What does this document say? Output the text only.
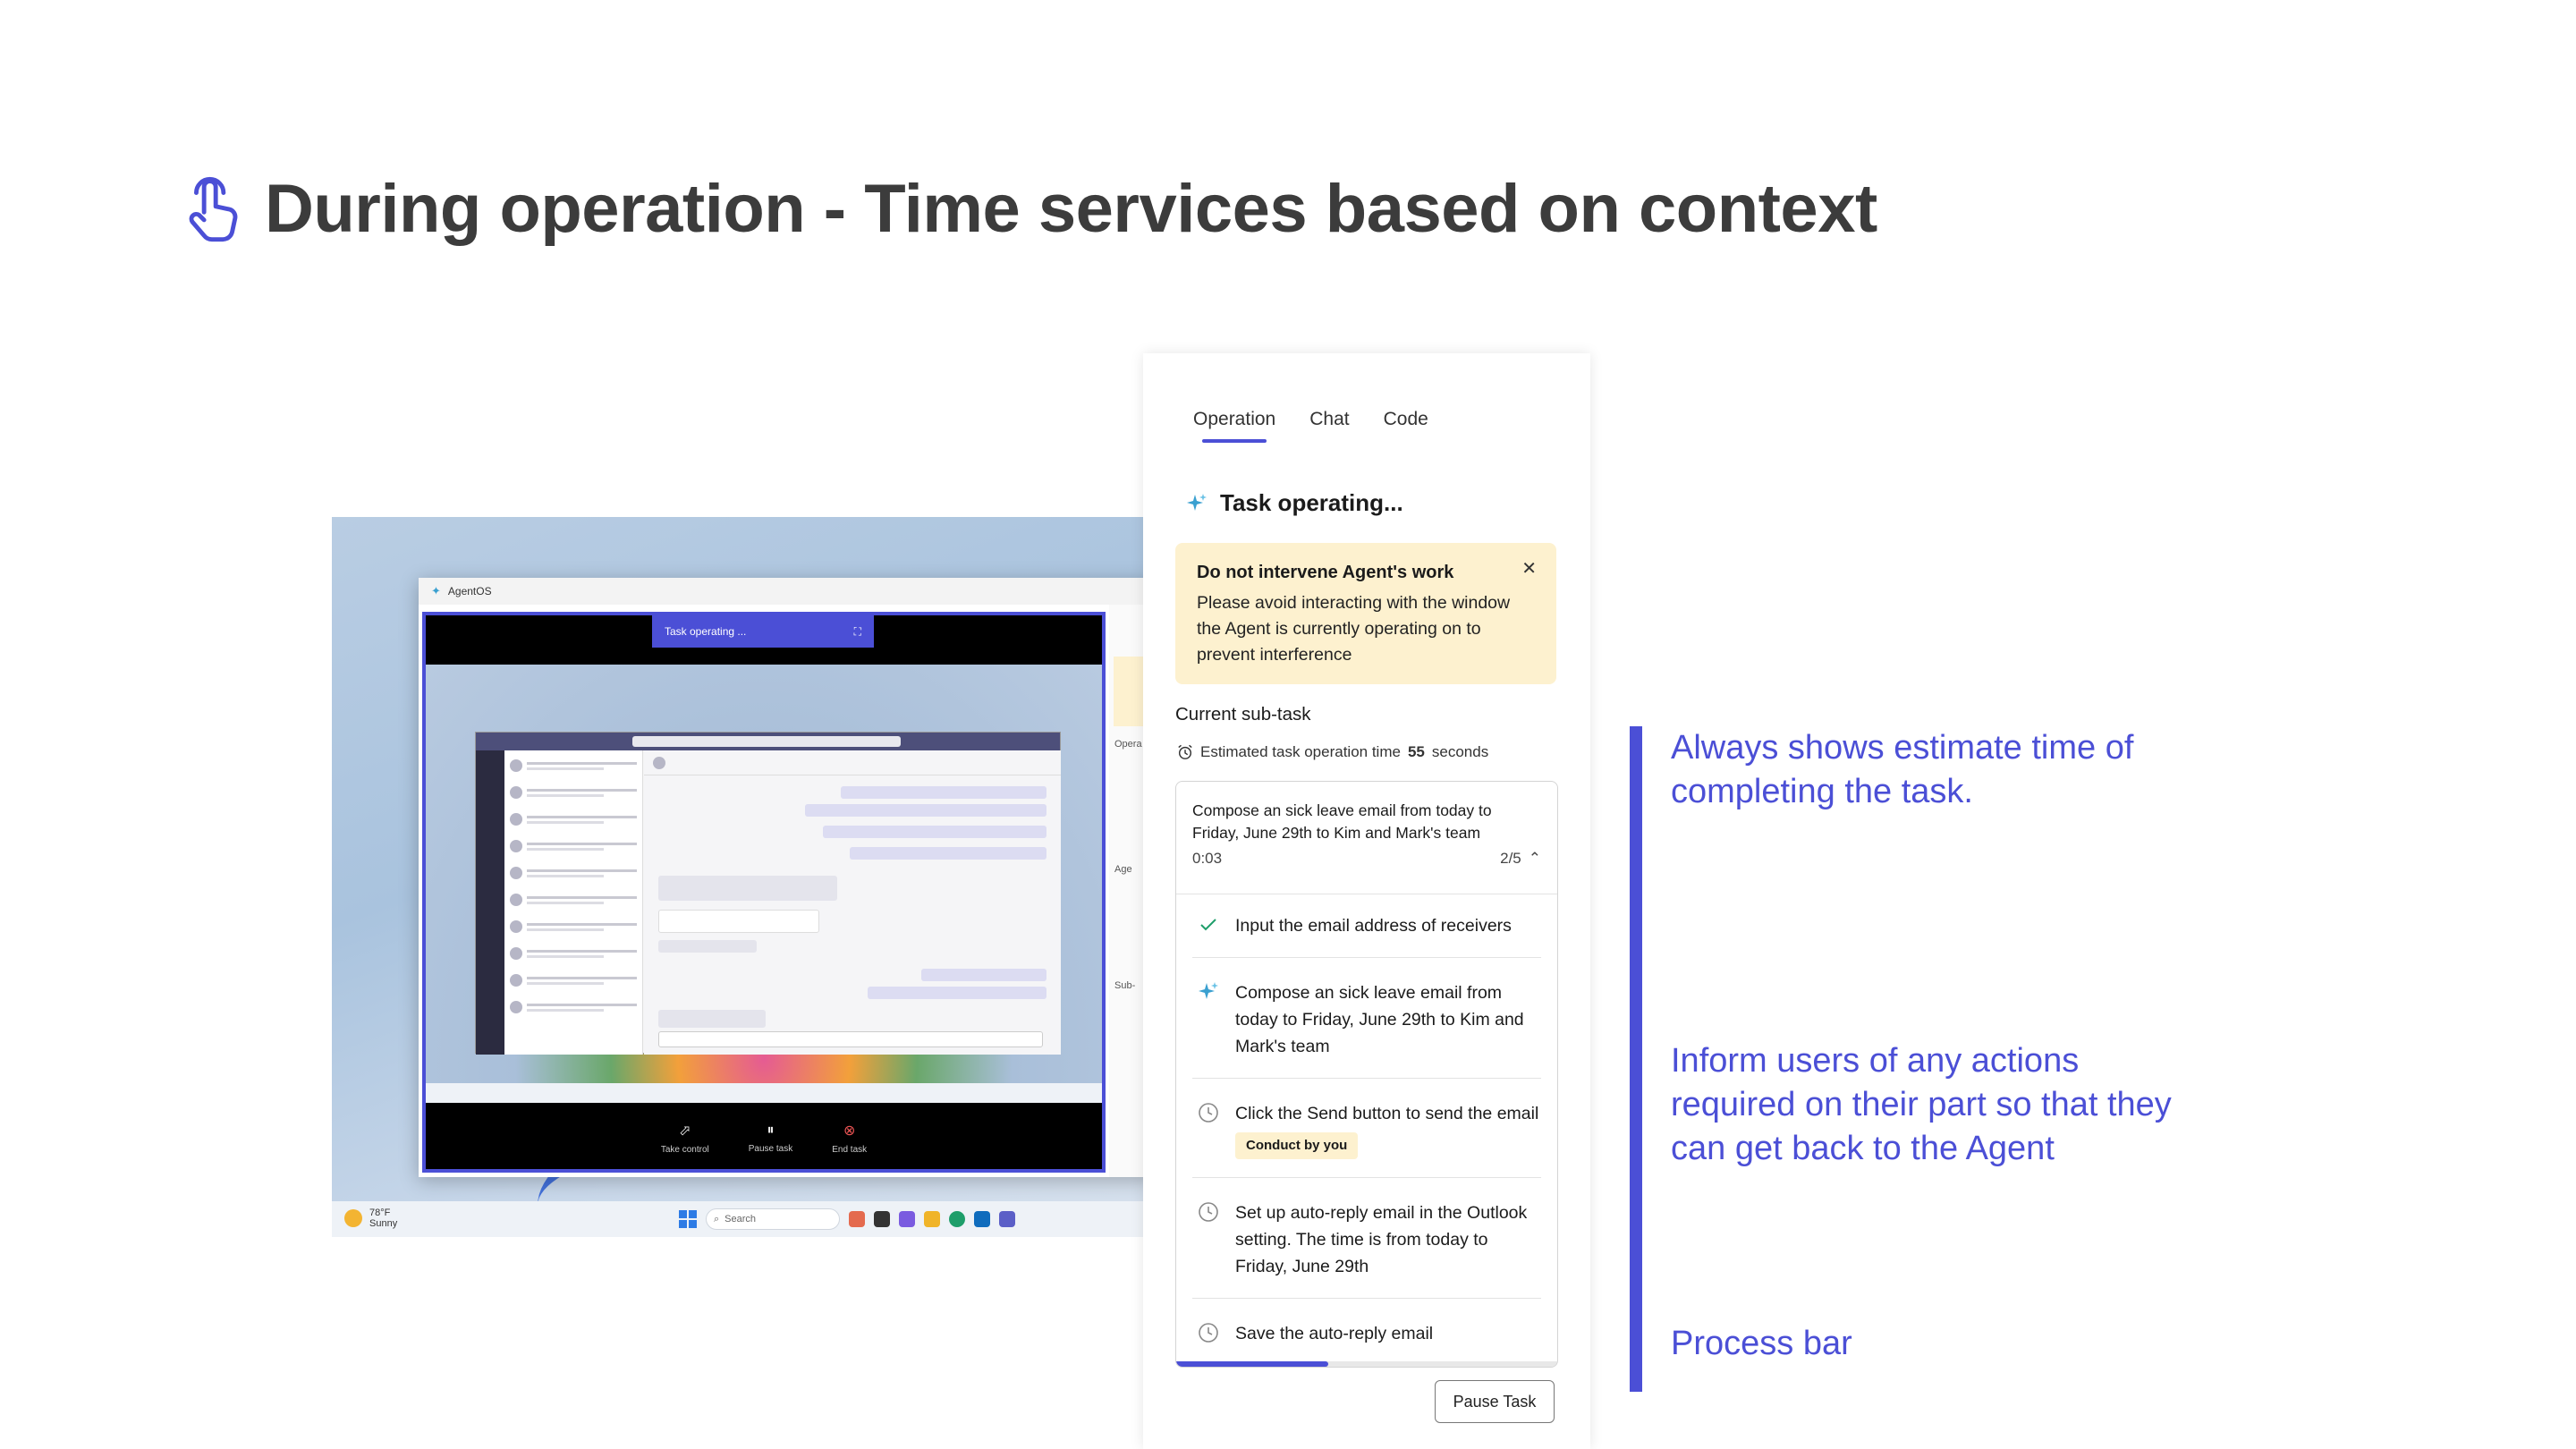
During operation - Time services based on context
✦ AgentOS
Task operating ...	⛶
⬀
Take control
⏸
Pause task
⊗
End task
Opera
Age
Sub-
78°F
Sunny	⌕ Search
Operation Chat Code
Task operating...
Do not intervene Agent's work
Please avoid interacting with the window the Agent is currently operating on to prevent interference
✕
Current sub-task
Estimated task operation time 55 seconds
Compose an sick leave email from today to Friday, June 29th to Kim and Mark's team
0:03	2/5 ⌃
Input the email address of receivers
Compose an sick leave email from today to Friday, June 29th to Kim and Mark's team
Click the Send button to send the email
Conduct by you
Set up auto-reply email in the Outlook setting. The time is from today to Friday, June 29th
Save the auto-reply email
Pause Task
Always shows estimate time of completing the task.
Inform users of any actions required on their part so that they can get back to the Agent
Process bar
